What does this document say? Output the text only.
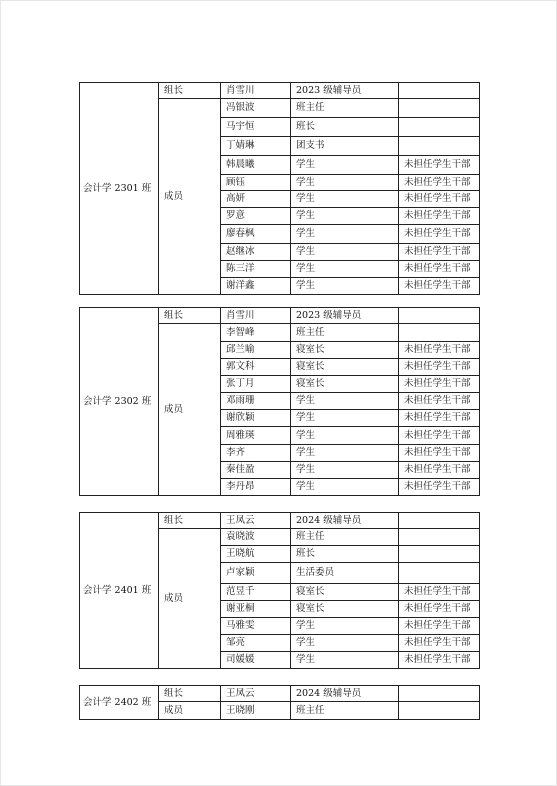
会计学 2301 班	组长	肖雪川	2023 级辅导员	
	成员	冯银波	班主任	
		马宇恒	班长	
		丁婧琳	团支书	
		韩晨曦	学生	未担任学生干部
		顾钰	学生	未担任学生干部
		高妍	学生	未担任学生干部
		罗意	学生	未担任学生干部
		廖春枫	学生	未担任学生干部
		赵继冰	学生	未担任学生干部
		陈三洋	学生	未担任学生干部
		谢洋鑫	学生	未担任学生干部
会计学 2302 班	组长	肖雪川	2023 级辅导员	
	成员	李智峰	班主任	
		邱兰喻	寝室长	未担任学生干部
		郭文科	寝室长	未担任学生干部
		张丁月	寝室长	未担任学生干部
		邓雨珊	学生	未担任学生干部
		谢欣颖	学生	未担任学生干部
		周雅瑛	学生	未担任学生干部
		李齐	学生	未担任学生干部
		秦佳盈	学生	未担任学生干部
		李丹昂	学生	未担任学生干部
会计学 2401 班	组长	王凤云	2024 级辅导员	
	成员	袁晓波	班主任	
		王晓航	班长	
		卢家颖	生活委员	
		范昱千	寝室长	未担任学生干部
		谢亚桐	寝室长	未担任学生干部
		马雅雯	学生	未担任学生干部
		邹亮	学生	未担任学生干部
		司媛媛	学生	未担任学生干部
会计学 2402 班	组长	王凤云	2024 级辅导员	
	成员	王晓刚	班主任	
